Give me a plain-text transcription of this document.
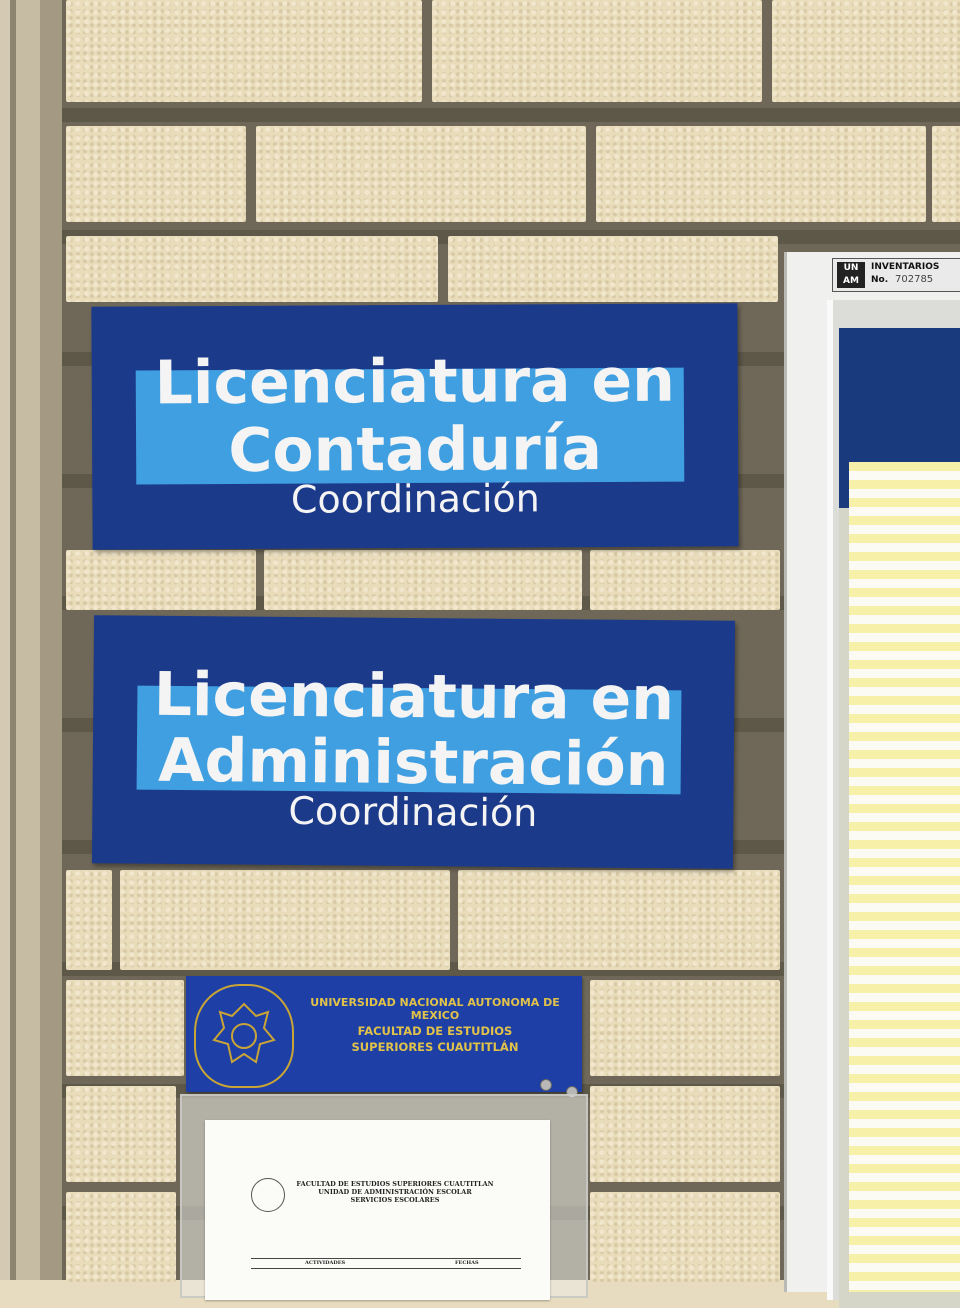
Licenciatura en
Contaduría
Coordinación
Licenciatura en
Administración
Coordinación
UNIVERSIDAD NACIONAL AUTONOMA DE MEXICO
FACULTAD DE ESTUDIOS
SUPERIORES CUAUTITLÁN
FACULTAD DE ESTUDIOS SUPERIORES CUAUTITLAN
UNIDAD DE ADMINISTRACIÓN ESCOLAR
SERVICIOS ESCOLARES
ACTIVIDADES	FECHAS
UN
AM
INVENTARIOS
No. 702785
